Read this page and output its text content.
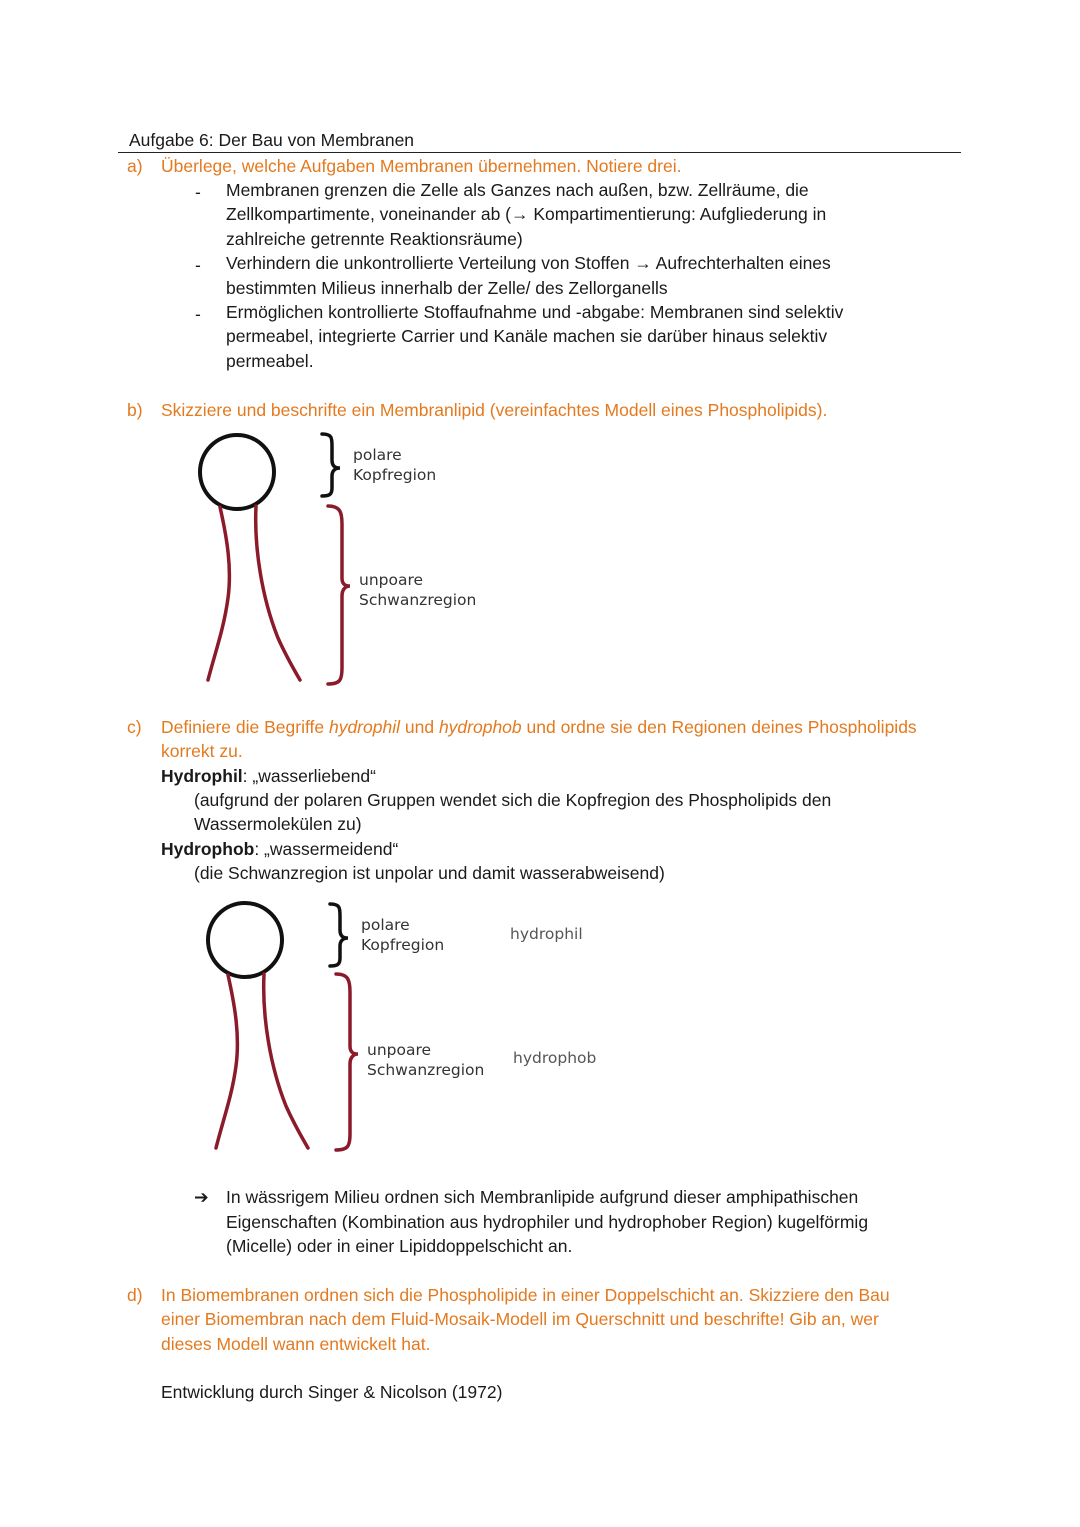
Aufgabe 6: Der Bau von Membranen
a) Überlege, welche Aufgaben Membranen übernehmen. Notiere drei.
- Membranen grenzen die Zelle als Ganzes nach außen, bzw. Zellräume, die
Zellkompartimente, voneinander ab (→ Kompartimentierung: Aufgliederung in
zahlreiche getrennte Reaktionsräume)
- Verhindern die unkontrollierte Verteilung von Stoffen → Aufrechterhalten eines
bestimmten Milieus innerhalb der Zelle/ des Zellorganells
- Ermöglichen kontrollierte Stoffaufnahme und -abgabe: Membranen sind selektiv
permeabel, integrierte Carrier und Kanäle machen sie darüber hinaus selektiv
permeabel.
b) Skizziere und beschrifte ein Membranlipid (vereinfachtes Modell eines Phospholipids).
polare
Kopfregion
unpoare
Schwanzregion
c) Definiere die Begriffe hydrophil und hydrophob und ordne sie den Regionen deines Phospholipids
korrekt zu.
Hydrophil: „wasserliebend“
(aufgrund der polaren Gruppen wendet sich die Kopfregion des Phospholipids den
Wassermolekülen zu)
Hydrophob: „wassermeidend“
(die Schwanzregion ist unpolar und damit wasserabweisend)
polare
Kopfregion
hydrophil
unpoare
Schwanzregion
hydrophob
➔ In wässrigem Milieu ordnen sich Membranlipide aufgrund dieser amphipathischen
Eigenschaften (Kombination aus hydrophiler und hydrophober Region) kugelförmig
(Micelle) oder in einer Lipiddoppelschicht an.
d) In Biomembranen ordnen sich die Phospholipide in einer Doppelschicht an. Skizziere den Bau
einer Biomembran nach dem Fluid-Mosaik-Modell im Querschnitt und beschrifte! Gib an, wer
dieses Modell wann entwickelt hat.
Entwicklung durch Singer & Nicolson (1972)
